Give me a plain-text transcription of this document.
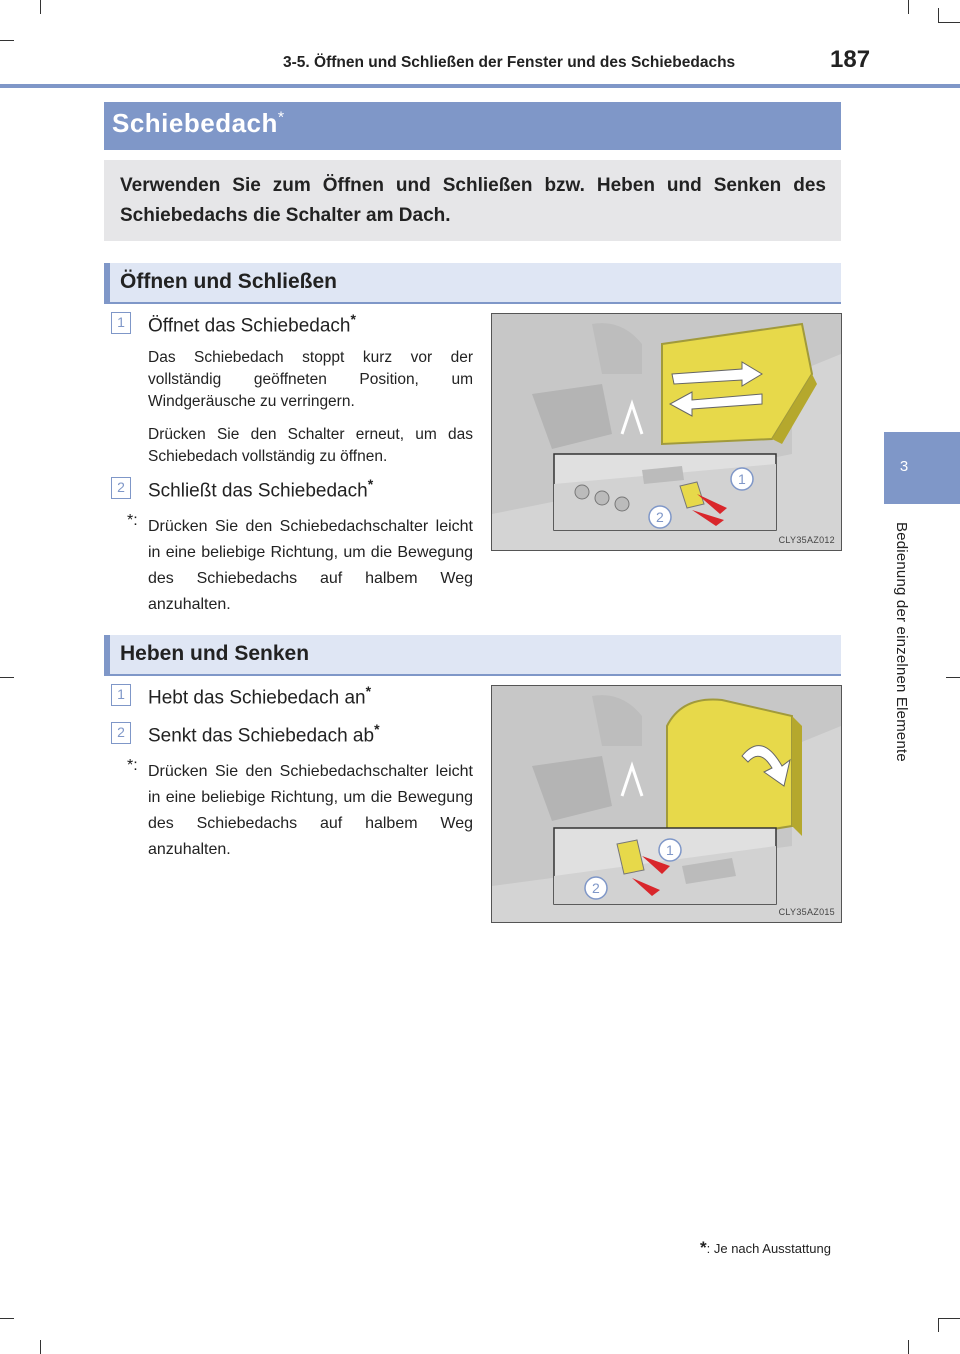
3-5. Öffnen und Schließen der Fenster und des Schiebedachs	187
3
Bedienung der einzelnen Elemente
Schiebedach*
Verwenden Sie zum Öffnen und Schließen bzw. Heben und Senken des Schiebedachs die Schalter am Dach.
Öffnen und Schließen
1	Öffnet das Schiebedach*
Das Schiebedach stoppt kurz vor der vollständig geöffneten Position, um Windgeräusche zu verringern.
Drücken Sie den Schalter erneut, um das Schiebedach vollständig zu öffnen.
2	Schließt das Schiebedach*
*: Drücken Sie den Schiebedachschalter leicht in eine beliebige Richtung, um die Bewegung des Schiebedachs auf halbem Weg anzuhalten.
1
2
CLY35AZ012
Heben und Senken
1	Hebt das Schiebedach an*
2	Senkt das Schiebedach ab*
*: Drücken Sie den Schiebedachschalter leicht in eine beliebige Richtung, um die Bewegung des Schiebedachs auf halbem Weg anzuhalten.	1
2
CLY35AZ015
*: Je nach Ausstattung
